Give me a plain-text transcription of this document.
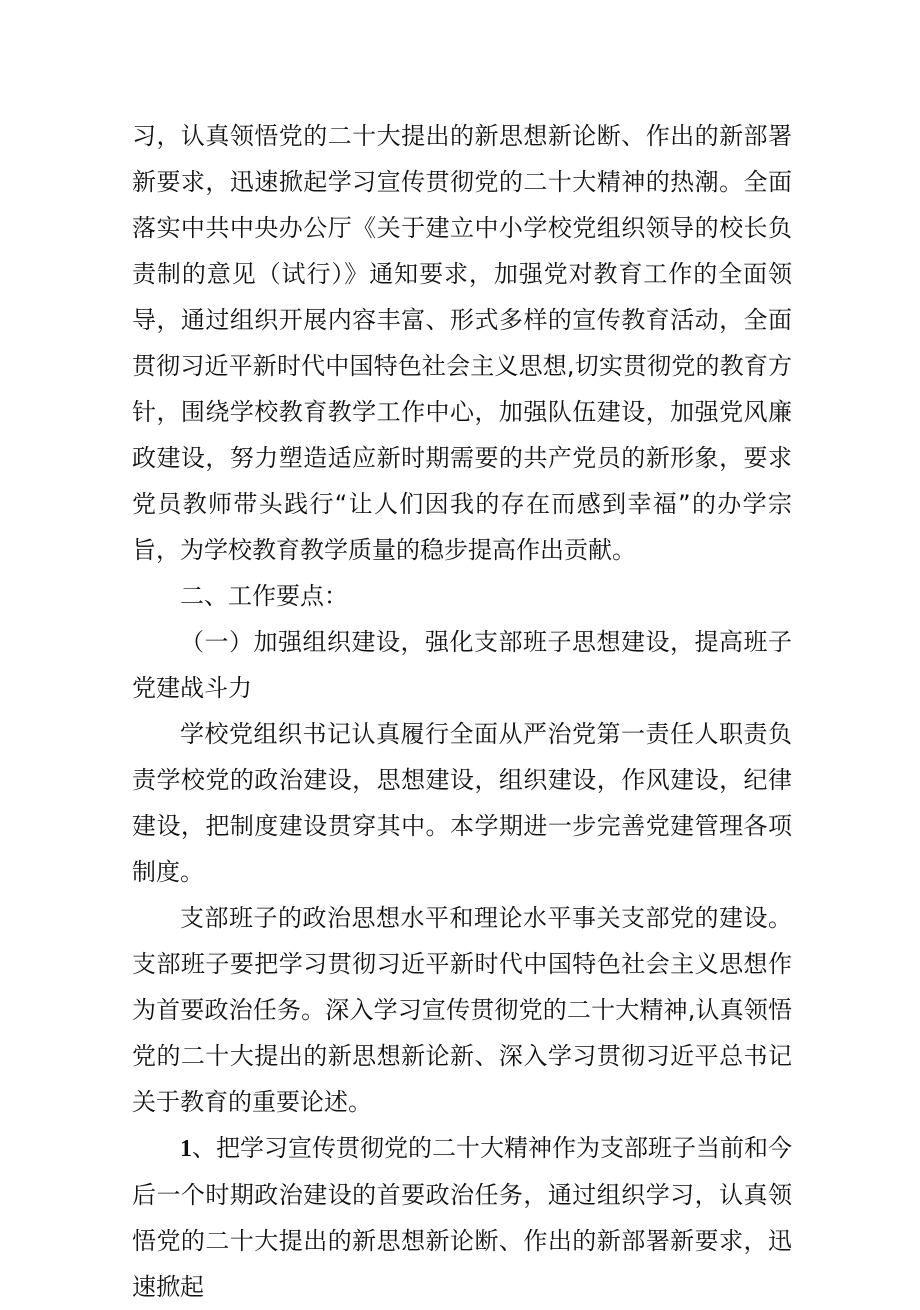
习，认真领悟党的二十大提出的新思想新论断、作出的新部署新要求，迅速掀起学习宣传贯彻党的二十大精神的热潮。全面落实中共中央办公厅《关于建立中小学校党组织领导的校长负责制的意见（试行）》通知要求，加强党对教育工作的全面领导，通过组织开展内容丰富、形式多样的宣传教育活动，全面贯彻习近平新时代中国特色社会主义思想,切实贯彻党的教育方针，围绕学校教育教学工作中心，加强队伍建设，加强党风廉政建设，努力塑造适应新时期需要的共产党员的新形象，要求党员教师带头践行“让人们因我的存在而感到幸福”的办学宗旨，为学校教育教学质量的稳步提高作出贡献。

二、工作要点：

（一）加强组织建设，强化支部班子思想建设，提高班子党建战斗力

学校党组织书记认真履行全面从严治党第一责任人职责负责学校党的政治建设，思想建设，组织建设，作风建设，纪律建设，把制度建设贯穿其中。本学期进一步完善党建管理各项制度。

支部班子的政治思想水平和理论水平事关支部党的建设。支部班子要把学习贯彻习近平新时代中国特色社会主义思想作为首要政治任务。深入学习宣传贯彻党的二十大精神,认真领悟党的二十大提出的新思想新论新、深入学习贯彻习近平总书记关于教育的重要论述。

1、把学习宣传贯彻党的二十大精神作为支部班子当前和今后一个时期政治建设的首要政治任务，通过组织学习，认真领悟党的二十大提出的新思想新论断、作出的新部署新要求，迅速掀起
